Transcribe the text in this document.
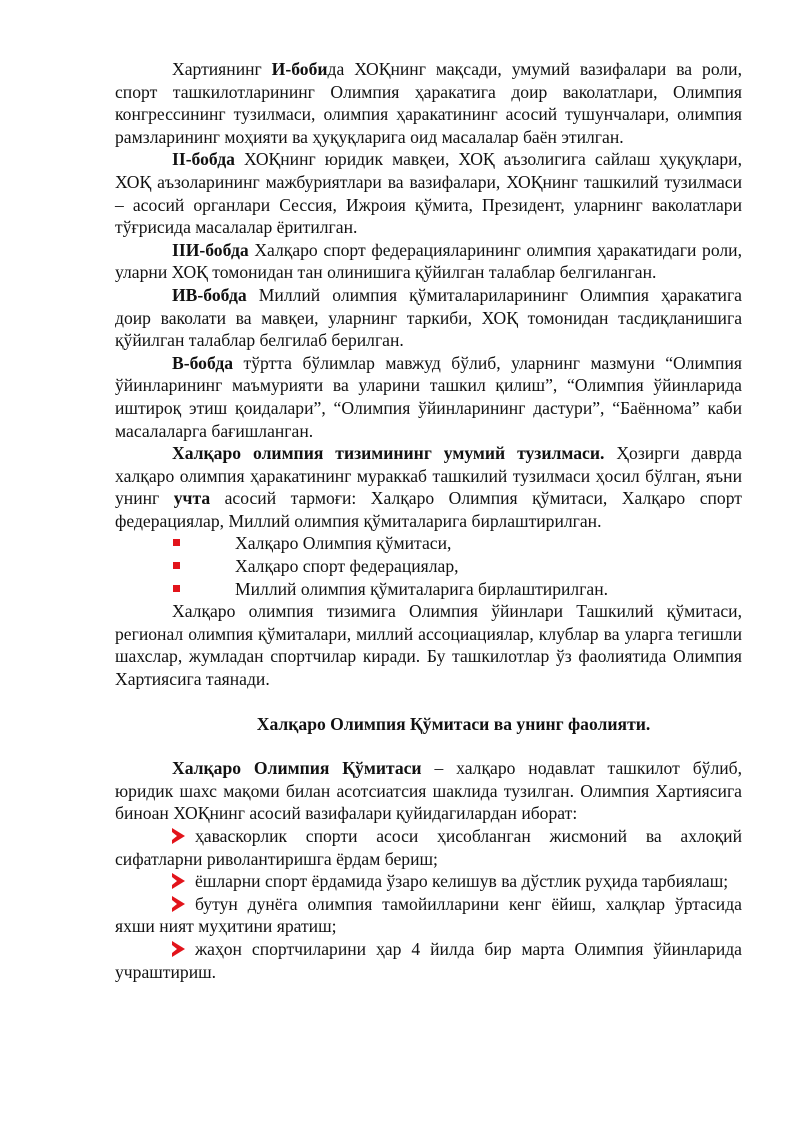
Хартиянинг И-бобида ХОҚнинг мақсади, умумий вазифалари ва роли, спорт ташкилотларининг Олимпия ҳаракатига доир ваколатлари, Олимпия конгрессининг тузилмаси, олимпия ҳаракатининг асосий тушунчалари, олимпия рамзларининг моҳияти ва ҳуқуқларига оид масалалар баён этилган.

II-бобда ХОҚнинг юридик мавқеи, ХОҚ аъзолигига сайлаш ҳуқуқлари, ХОҚ аъзоларининг мажбуриятлари ва вазифалари, ХОҚнинг ташкилий тузилмаси – асосий органлари Сессия, Ижроия қўмита, Президент, уларнинг ваколатлари тўғрисида масалалар ёритилган.

IIИ-бобда Халқаро спорт федерацияларининг олимпия ҳаракатидаги роли, уларни ХОҚ томонидан тан олинишига қўйилган талаблар белгиланган.

ИВ-бобда Миллий олимпия қўмиталариларининг Олимпия ҳаракатига доир ваколати ва мавқеи, уларнинг таркиби, ХОҚ томонидан тасдиқланишига қўйилган талаблар белгилаб берилган.

В-бобда тўртта бўлимлар мавжуд бўлиб, уларнинг мазмуни “Олимпия ўйинларининг маъмурияти ва уларини ташкил қилиш”, “Олимпия ўйинларида иштироқ этиш қоидалари”, “Олимпия ўйинларининг дастури”, “Баённома” каби масалаларга бағишланган.

Халқаро олимпия тизимининг умумий тузилмаси. Ҳозирги даврда халқаро олимпия ҳаракатининг мураккаб ташкилий тузилмаси ҳосил бўлган, яъни унинг учта асосий тармоғи: Халқаро Олимпия қўмитаси, Халқаро спорт федерациялар, Миллий олимпия қўмиталарига бирлаштирилган.

Халқаро Олимпия қўмитаси,
Халқаро спорт федерациялар,
Миллий олимпия қўмиталарига бирлаштирилган.

Халқаро олимпия тизимига Олимпия ўйинлари Ташкилий қўмитаси, регионал олимпия қўмиталари, миллий ассоциациялар, клублар ва уларга тегишли шахслар, жумладан спортчилар киради. Бу ташкилотлар ўз фаолиятида Олимпия Хартиясига таянади.

Халқаро Олимпия Қўмитаси ва унинг фаолияти.

Халқаро Олимпия Қўмитаси – халқаро нодавлат ташкилот бўлиб, юридик шахс мақоми билан асотсиатсия шаклида тузилган. Олимпия Хартиясига биноан ХОҚнинг асосий вазифалари қуйидагилардан иборат:

ҳаваскорлик спорти асоси ҳисобланган жисмоний ва ахлоқий сифатларни риволантиришга ёрдам бериш;
ёшларни спорт ёрдамида ўзаро келишув ва дўстлик руҳида тарбиялаш;
бутун дунёга олимпия тамойилларини кенг ёйиш, халқлар ўртасида яхши ният муҳитини яратиш;
жаҳон спортчиларини ҳар 4 йилда бир марта Олимпия ўйинларида учраштириш.
